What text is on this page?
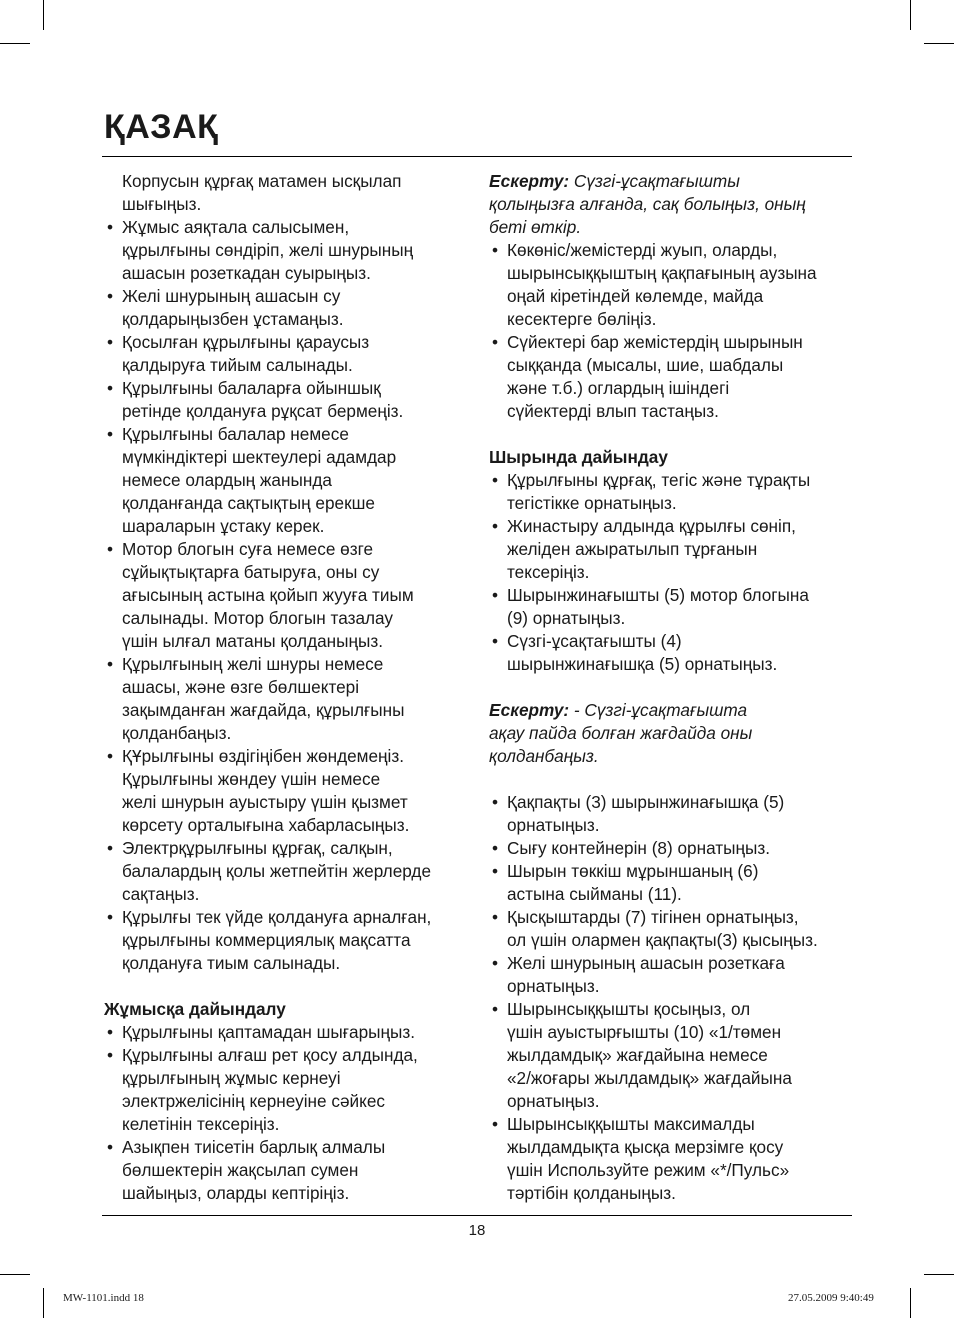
ҚАЗАҚ
Корпусын құрғақ матамен ысқылап
шығыңыз.
• Жұмыс аяқтала салысымен,
құрылғыны сөндіріп, желі шнурының
ашасын розеткадан суырыңыз.
• Желі шнурының ашасын су
қолдарыңызбен ұстамаңыз.
• Қосылған құрылғыны қараусыз
қалдыруға тийым салынады.
• Құрылғыны балаларға ойыншық
ретінде қолдануға рұқсат бермеңіз.
• Құрылғыны балалар немесе
мүмкіндіктері шектеулері адамдар
немесе олардың жанында
қолданғанда сақтықтың ерекше
шараларын ұстаку керек.
• Мотор блогын суға немесе өзге
сұйықтықтарға батыруға, оны су
ағысының астына қойып жууға тиым
салынады. Мотор блогын тазалау
үшін ылғал матаны қолданыңыз.
• Құрылғының желі шнуры немесе
ашасы, және өзге бөлшектері
зақымданған жағдайда, құрылғыны
қолданбаңыз.
• ҚҰрылғыны өздігіңібен жөндемеңіз.
Құрылғыны жөндеу үшін немесе
желі шнурын ауыстыру үшін қызмет
көрсету орталығына хабарласыңыз.
• Электрқұрылғыны құрғақ, салқын,
балалардың қолы жетпейтін жерлерде
сақтаңыз.
• Құрылғы тек үйде қолдануға арналған,
құрылғыны коммерциялық мақсатта
қолдануға тиым салынады.
Жұмысқа дайындалу
• Құрылғыны қаптамадан шығарыңыз.
• Құрылғыны алғаш рет қосу алдында,
құрылғының жұмыс кернеуі
электржелісінің кернеуіне сәйкес
келетінін тексеріңіз.
• Азықпен тиісетін барлық алмалы
бөлшектерін жақсылап сумен
шайыңыз, оларды кептіріңіз.
Ескерту: Сүзгі-ұсақтағышты
қолыңызға алғанда, сақ болыңыз, оның
беті өткір.
• Көкөніс/жемістерді жуып, оларды,
шырынсыққыштың қақпағының аузына
оңай кіретіндей көлемде, майда
кесектерге бөліңіз.
• Сүйектері бар жемістердің шырынын
сыққанда (мысалы, шие, шабдалы
және т.б.) оглардың ішіндегі
сүйектерді влып тастаңыз.
Шырында дайындау
• Құрылғыны құрғақ, тегіс және тұрақты
тегістікке орнатыңыз.
• Жинастыру алдында құрылғы сөніп,
желіден ажыратылып тұрғанын
тексеріңіз.
• Шырынжинағышты (5) мотор блогына
(9) орнатыңыз.
• Сүзгі-ұсақтағышты (4)
шырынжинағышқа (5) орнатыңыз.
Ескерту: - Сүзгі-ұсақтағышта
ақау пайда болған жағдайда оны
қолданбаңыз.
• Қақпақты (3) шырынжинағышқа (5)
орнатыңыз.
• Сығу контейнерін (8) орнатыңыз.
• Шырын төккіш мұрыншаның (6)
астына сыйманы (11).
• Қысқыштарды (7) тігінен орнатыңыз,
ол үшін олармен қақпақты(3) қысыңыз.
• Желі шнурының ашасын розеткаға
орнатыңыз.
• Шырынсыққышты қосыңыз, ол
үшін ауыстырғышты (10) «1/төмен
жылдамдық» жағдайына немесе
«2/жоғары жылдамдық» жағдайына
орнатыңыз.
• Шырынсыққышты максималды
жылдамдықта қысқа мерзімге қосу
үшін Используйте режим «*/Пульс»
тәртібін қолданыңыз.
18
MW-1101.indd 18	27.05.2009 9:40:49
